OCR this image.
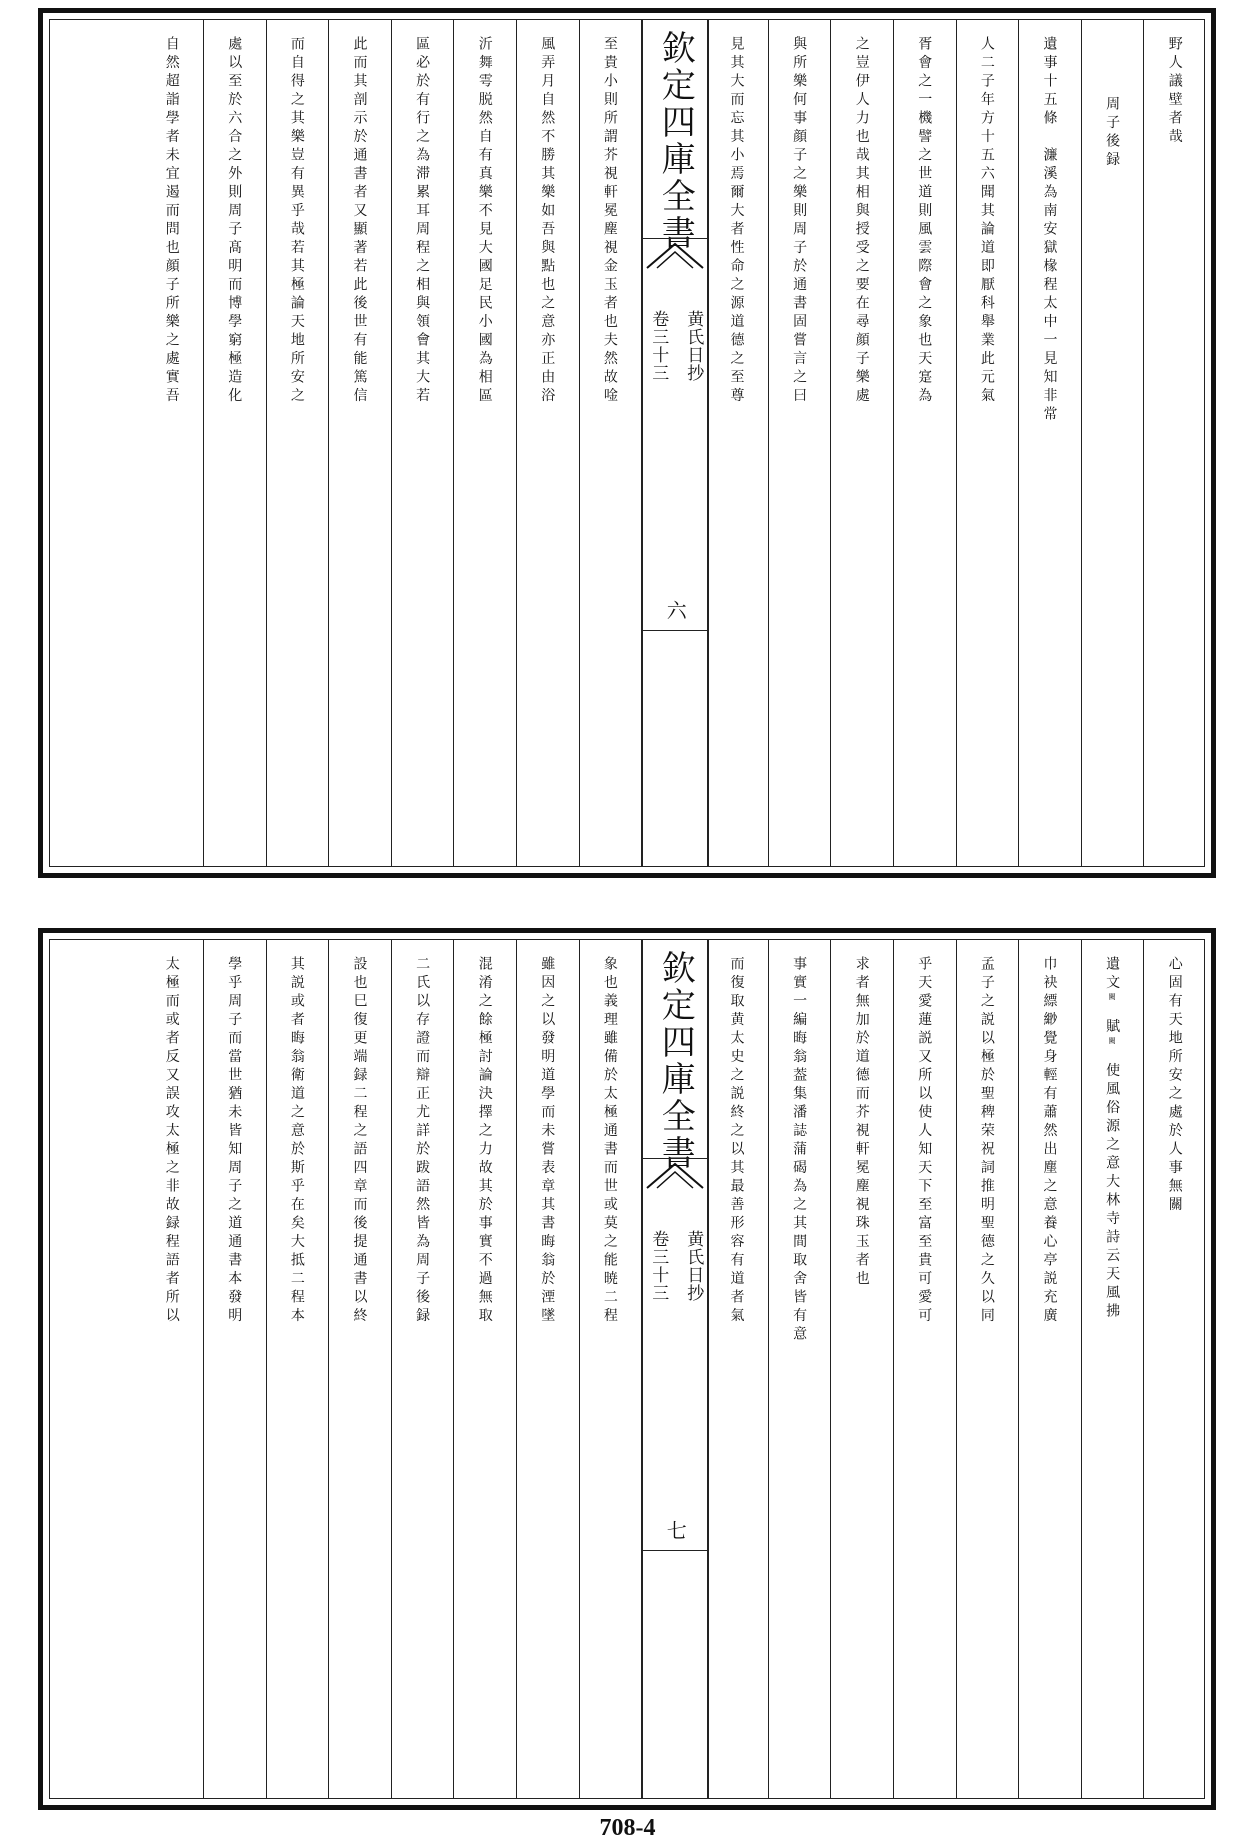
野人議壁者哉
周子後録
遺事十五條　濂溪為南安獄椽程太中一見知非常
人二子年方十五六聞其論道即厭科舉業此元氣
胥會之一機譬之世道則風雲際會之象也天寔為
之豈伊人力也哉其相與授受之要在尋顔子樂處
與所樂何事顔子之樂則周子於通書固嘗言之曰
見其大而忘其小焉爾大者性命之源道德之至尊
欽定四庫全書
卷三十三 黄氏日抄
六
至貴小則所謂芥視軒冕塵視金玉者也夫然故唫
風弄月自然不勝其樂如吾與點也之意亦正由浴
沂舞雩脱然自有真樂不見大國足民小國為相區
區必於有行之為滞累耳周程之相與領會其大若
此而其剖示於通書者又顯著若此後世有能篤信
而自得之其樂豈有異乎哉若其極論天地所安之
處以至於六合之外則周子髙明而博學窮極造化
自然超詣學者未宜遏而問也顔子所樂之處實吾
心固有天地所安之處於人事無關
遺文闕　賦闕　使風俗源之意大林寺詩云天風拂
巾袂縹緲覺身輕有蕭然出塵之意養心亭説充廣
孟子之説以極於聖稗荣祝詞推明聖德之久以同
乎天愛蓮説又所以使人知天下至富至貴可愛可
求者無加於道德而芥視軒冕塵視珠玉者也
事實一編晦翁葢集潘誌蒲碣為之其間取舍皆有意
而復取黄太史之説終之以其最善形容有道者氣
欽定四庫全書
卷三十三 黄氏日抄
七
象也義理雖備於太極通書而世或莫之能暁二程
雖因之以發明道學而未嘗表章其書晦翁於湮墜
混淆之餘極討論決擇之力故其於事實不過無取
二氏以存證而辯正尤詳於跋語然皆為周子後録
設也巳復更端録二程之語四章而後提通書以終
其説或者晦翁衛道之意於斯乎在矣大抵二程本
學乎周子而當世猶未皆知周子之道通書本發明
太極而或者反又誤攻太極之非故録程語者所以
708-4
